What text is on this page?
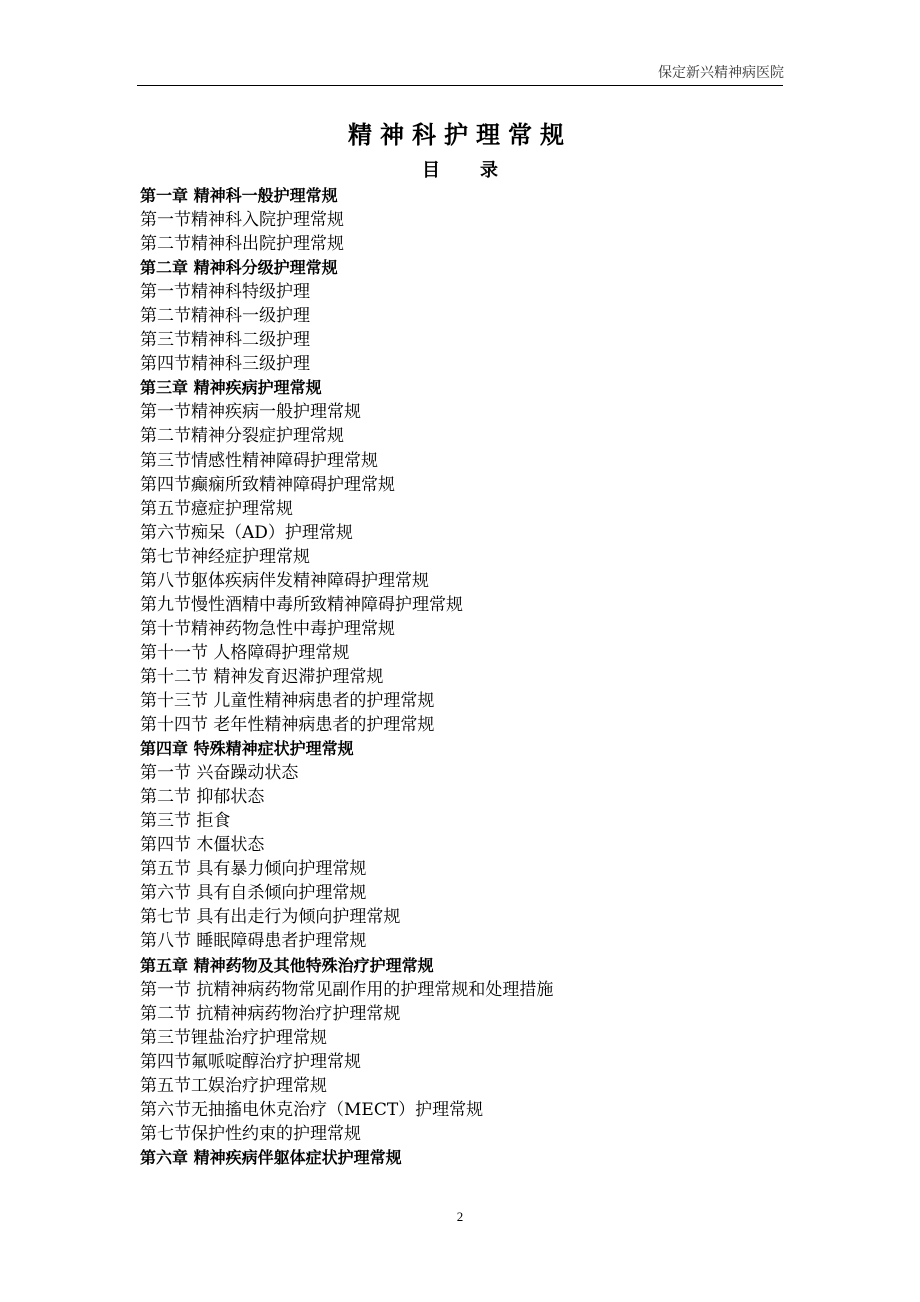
保定新兴精神病医院
精神科护理常规
目录
第一章 精神科一般护理常规
第一节精神科入院护理常规
第二节精神科出院护理常规
第二章 精神科分级护理常规
第一节精神科特级护理
第二节精神科一级护理
第三节精神科二级护理
第四节精神科三级护理
第三章 精神疾病护理常规
第一节精神疾病一般护理常规
第二节精神分裂症护理常规
第三节情感性精神障碍护理常规
第四节癫痫所致精神障碍护理常规
第五节癔症护理常规
第六节痴呆（AD）护理常规
第七节神经症护理常规
第八节躯体疾病伴发精神障碍护理常规
第九节慢性酒精中毒所致精神障碍护理常规
第十节精神药物急性中毒护理常规
第十一节 人格障碍护理常规
第十二节 精神发育迟滞护理常规
第十三节 儿童性精神病患者的护理常规
第十四节 老年性精神病患者的护理常规
第四章 特殊精神症状护理常规
第一节 兴奋躁动状态
第二节 抑郁状态
第三节 拒食
第四节 木僵状态
第五节 具有暴力倾向护理常规
第六节 具有自杀倾向护理常规
第七节 具有出走行为倾向护理常规
第八节 睡眠障碍患者护理常规
第五章 精神药物及其他特殊治疗护理常规
第一节 抗精神病药物常见副作用的护理常规和处理措施
第二节 抗精神病药物治疗护理常规
第三节锂盐治疗护理常规
第四节氟哌啶醇治疗护理常规
第五节工娱治疗护理常规
第六节无抽搐电休克治疗（MECT）护理常规
第七节保护性约束的护理常规
第六章 精神疾病伴躯体症状护理常规
2
